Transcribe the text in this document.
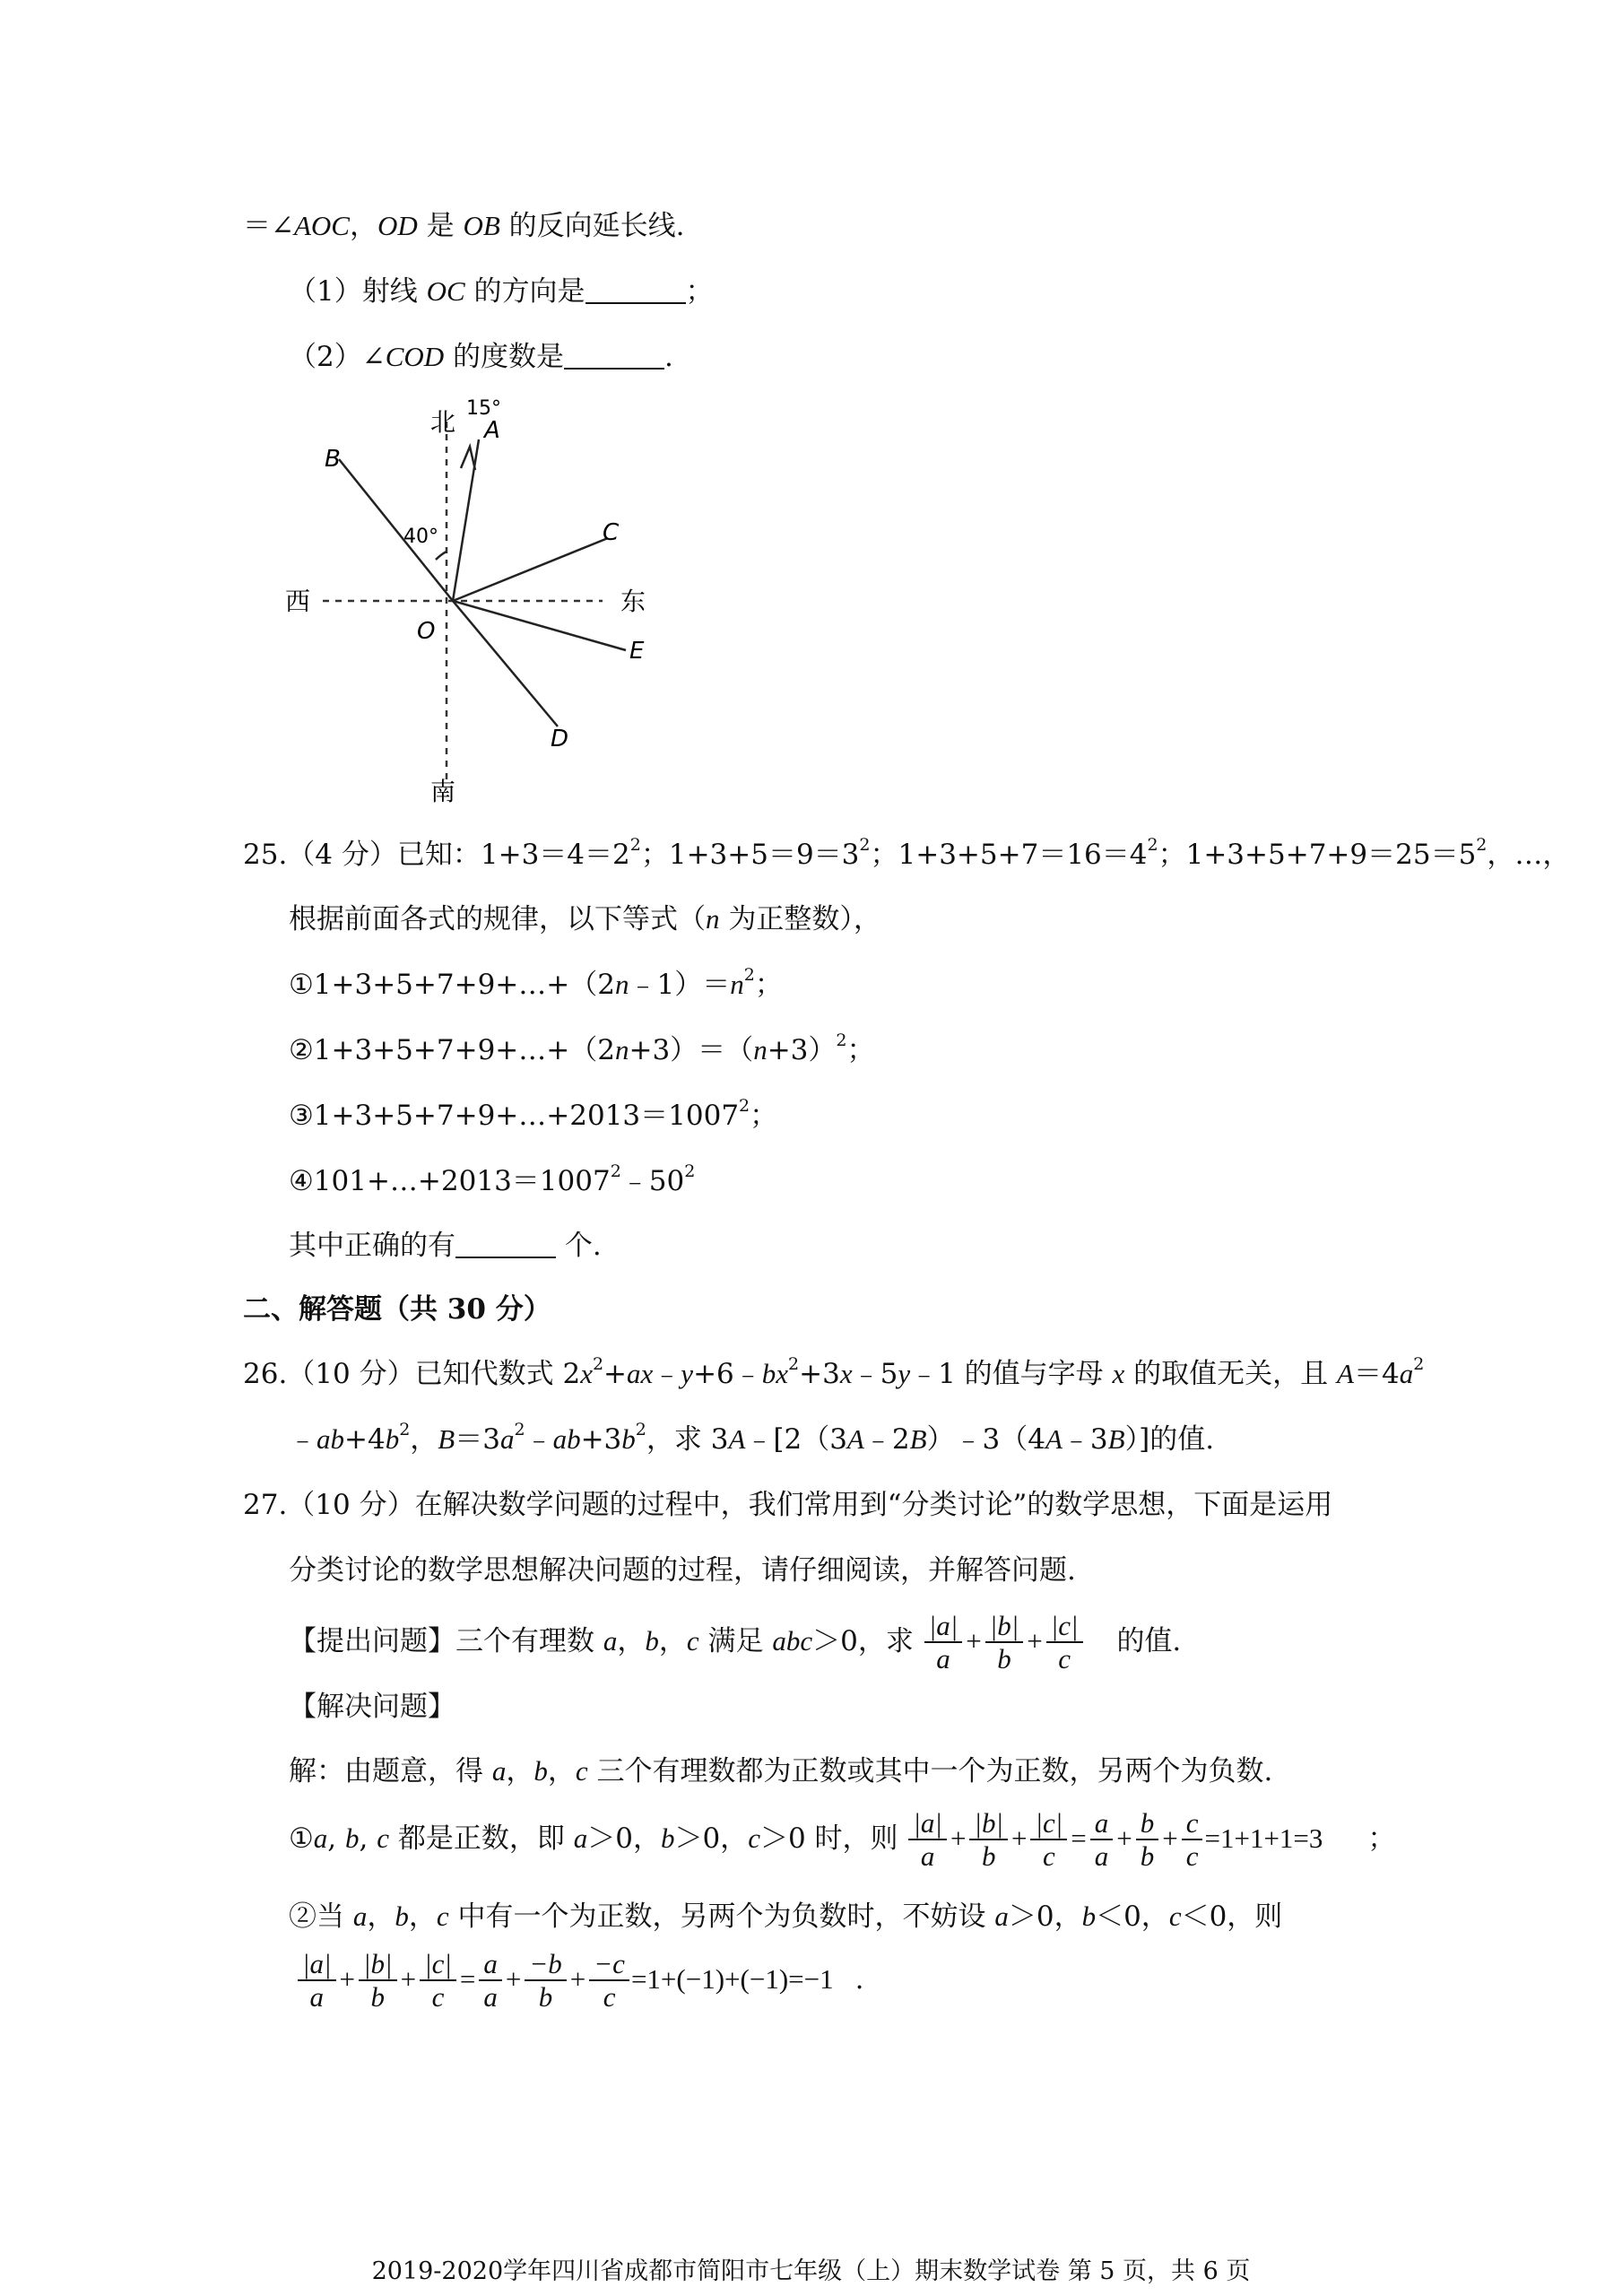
＝∠AOC，OD 是 OB 的反向延长线.
（1）射线 OC 的方向是	；
（2）∠COD 的度数是	.
北 15°
A
B
40°	C
西	东
O
E
D
南
25.（4 分）已知：$1+3=4=2^2$；$1+3+5=9=3^2$；$1+3+5+7=16=4^2$；$1+3+5+7+9=25=5^2$，…，
根据前面各式的规律，以下等式（n 为正整数），
$①1+3+5+7+9+\dots+(2n﹣1)=n^2$；
$②1+3+5+7+9+\dots+(2n+3)=(n+3)^2$；
$③1+3+5+7+9+\dots+2013=1007^2$；
$④101+\dots+2013=1007^2﹣50^2$
其中正确的有	个.
二、解答题（共 30 分）
26.（10 分）已知代数式 $2x^2+ax﹣y+6﹣bx^2+3x﹣5y﹣1$ 的值与字母 x 的取值无关，且 $A=4a^2$
$﹣ab+4b^2$，$B=3a^2﹣ab+3b^2$，求 3A﹣[2（3A﹣2B）﹣3（4A﹣3B）]的值.
27.（10 分）在解决数学问题的过程中，我们常用到“分类讨论”的数学思想，下面是运用
分类讨论的数学思想解决问题的过程，请仔细阅读，并解答问题.
【提出问题】三个有理数 a，b，c 满足 abc＞0，求 $\frac{|a|}{a} + \frac{|b|}{b} + \frac{|c|}{c}$ 的值.
【解决问题】
解：由题意，得 a，b，c 三个有理数都为正数或其中一个为正数，另两个为负数.
①a, b, c 都是正数，即 a＞0，b＞0，c＞0 时，则 $\frac{|a|}{a} + \frac{|b|}{b} + \frac{|c|}{c} = \frac{a}{a} + \frac{b}{b} + \frac{c}{c} =1+1+1=3$ ；
②当 a，b，c 中有一个为正数，另两个为负数时，不妨设 a＞0，b＜0，c＜0，则
$\frac{|a|}{a} + \frac{|b|}{b} + \frac{|c|}{c} = \frac{a}{a} + \frac{-b}{b} + \frac{-c}{c} =1+(-1)+(-1)=-1$ .
2019-2020学年四川省成都市简阳市七年级（上）期末数学试卷 第 5 页，共 6 页
